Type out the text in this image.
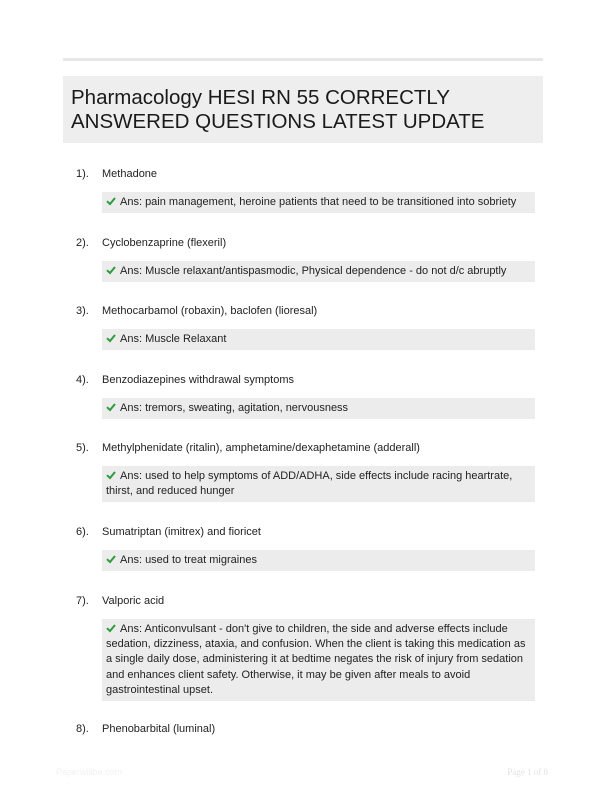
Pharmacology HESI RN 55 CORRECTLY ANSWERED QUESTIONS LATEST UPDATE
1). Methadone
Ans: pain management, heroine patients that need to be transitioned into sobriety
2). Cyclobenzaprine (flexeril)
Ans: Muscle relaxant/antispasmodic, Physical dependence - do not d/c abruptly
3). Methocarbamol (robaxin), baclofen (lioresal)
Ans: Muscle Relaxant
4). Benzodiazepines withdrawal symptoms
Ans: tremors, sweating, agitation, nervousness
5). Methylphenidate (ritalin), amphetamine/dexaphetamine (adderall)
Ans: used to help symptoms of ADD/ADHA, side effects include racing heartrate, thirst, and reduced hunger
6). Sumatriptan (imitrex) and fioricet
Ans: used to treat migraines
7). Valporic acid
Ans: Anticonvulsant - don't give to children, the side and adverse effects include sedation, dizziness, ataxia, and confusion. When the client is taking this medication as a single daily dose, administering it at bedtime negates the risk of injury from sedation and enhances client safety. Otherwise, it may be given after meals to avoid gastrointestinal upset.
8). Phenobarbital (luminal)
Paperwillbe.com	Page 1 of 8
